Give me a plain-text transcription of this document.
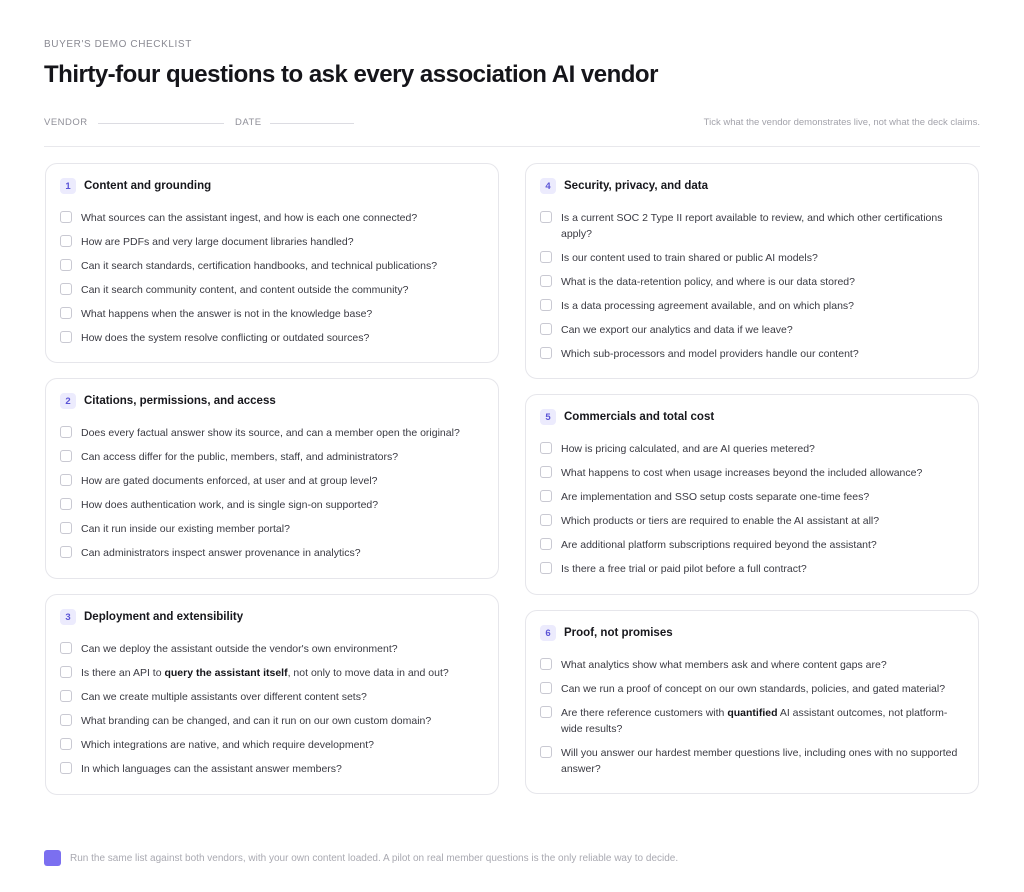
BUYER'S DEMO CHECKLIST
Thirty-four questions to ask every association AI vendor
VENDOR	DATE	Tick what the vendor demonstrates live, not what the deck claims.
1	Content and grounding
What sources can the assistant ingest, and how is each one connected?
How are PDFs and very large document libraries handled?
Can it search standards, certification handbooks, and technical publications?
Can it search community content, and content outside the community?
What happens when the answer is not in the knowledge base?
How does the system resolve conflicting or outdated sources?
2	Citations, permissions, and access
Does every factual answer show its source, and can a member open the original?
Can access differ for the public, members, staff, and administrators?
How are gated documents enforced, at user and at group level?
How does authentication work, and is single sign-on supported?
Can it run inside our existing member portal?
Can administrators inspect answer provenance in analytics?
3	Deployment and extensibility
Can we deploy the assistant outside the vendor's own environment?
Is there an API to query the assistant itself, not only to move data in and out?
Can we create multiple assistants over different content sets?
What branding can be changed, and can it run on our own custom domain?
Which integrations are native, and which require development?
In which languages can the assistant answer members?
4	Security, privacy, and data
Is a current SOC 2 Type II report available to review, and which other certifications apply?
Is our content used to train shared or public AI models?
What is the data-retention policy, and where is our data stored?
Is a data processing agreement available, and on which plans?
Can we export our analytics and data if we leave?
Which sub-processors and model providers handle our content?
5	Commercials and total cost
How is pricing calculated, and are AI queries metered?
What happens to cost when usage increases beyond the included allowance?
Are implementation and SSO setup costs separate one-time fees?
Which products or tiers are required to enable the AI assistant at all?
Are additional platform subscriptions required beyond the assistant?
Is there a free trial or paid pilot before a full contract?
6	Proof, not promises
What analytics show what members ask and where content gaps are?
Can we run a proof of concept on our own standards, policies, and gated material?
Are there reference customers with quantified AI assistant outcomes, not platform-wide results?
Will you answer our hardest member questions live, including ones with no supported answer?
Run the same list against both vendors, with your own content loaded. A pilot on real member questions is the only reliable way to decide.
